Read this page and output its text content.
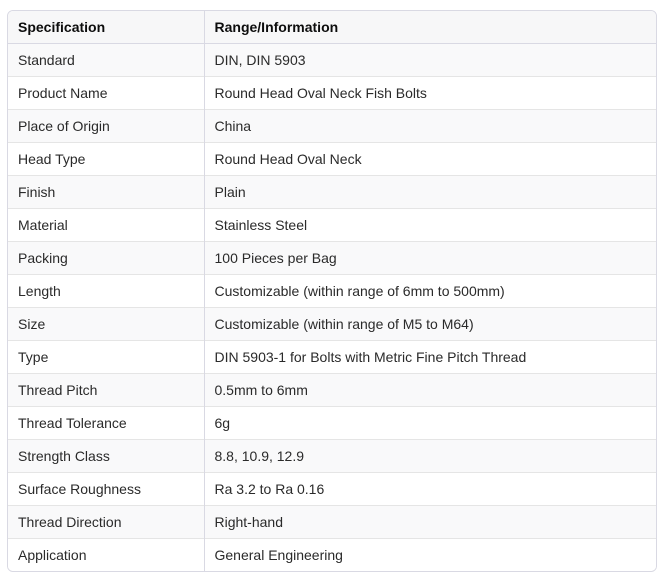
Specification	Range/Information
Standard	DIN, DIN 5903
Product Name	Round Head Oval Neck Fish Bolts
Place of Origin	China
Head Type	Round Head Oval Neck
Finish	Plain
Material	Stainless Steel
Packing	100 Pieces per Bag
Length	Customizable (within range of 6mm to 500mm)
Size	Customizable (within range of M5 to M64)
Type	DIN 5903-1 for Bolts with Metric Fine Pitch Thread
Thread Pitch	0.5mm to 6mm
Thread Tolerance	6g
Strength Class	8.8, 10.9, 12.9
Surface Roughness	Ra 3.2 to Ra 0.16
Thread Direction	Right-hand
Application	General Engineering
